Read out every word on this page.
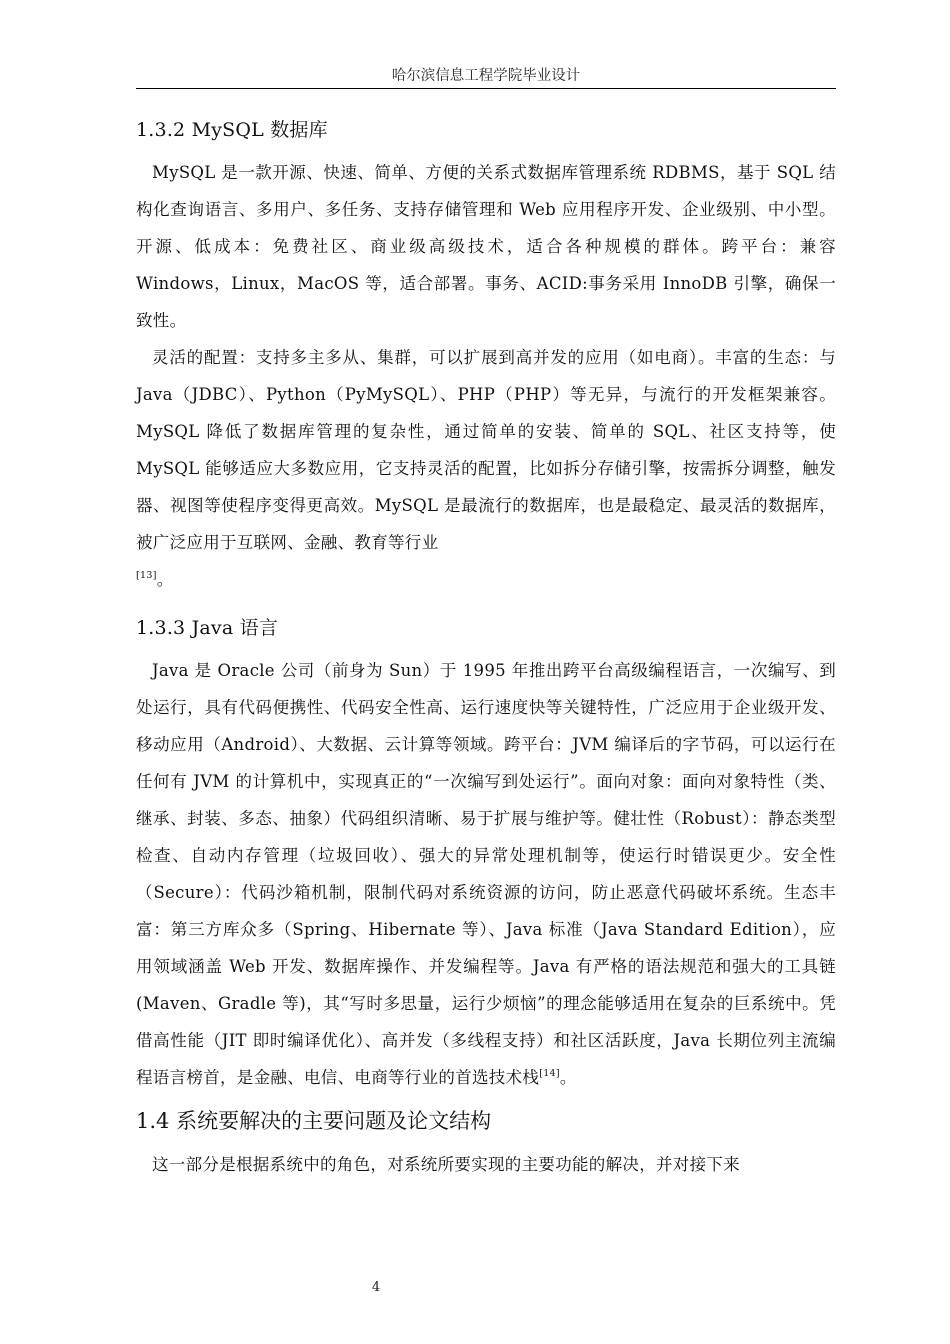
哈尔滨信息工程学院毕业设计
1.3.2 MySQL 数据库

MySQL 是一款开源、快速、简单、方便的关系式数据库管理系统 RDBMS，基于 SQL 结构化查询语言、多用户、多任务、支持存储管理和 Web 应用程序开发、企业级别、中小型。开源、低成本：免费社区、商业级高级技术，适合各种规模的群体。跨平台：兼容 Windows，Linux，MacOS 等，适合部署。事务、ACID:事务采用 InnoDB 引擎，确保一致性。

灵活的配置：支持多主多从、集群，可以扩展到高并发的应用（如电商）。丰富的生态：与 Java（JDBC）、Python（PyMySQL）、PHP（PHP）等无异，与流行的开发框架兼容。MySQL 降低了数据库管理的复杂性，通过简单的安装、简单的 SQL、社区支持等，使 MySQL 能够适应大多数应用，它支持灵活的配置，比如拆分存储引擎，按需拆分调整，触发器、视图等使程序变得更高效。MySQL 是最流行的数据库，也是最稳定、最灵活的数据库，被广泛应用于互联网、金融、教育等行业
[13]。

1.3.3 Java 语言

Java 是 Oracle 公司（前身为 Sun）于 1995 年推出跨平台高级编程语言，一次编写、到处运行，具有代码便携性、代码安全性高、运行速度快等关键特性，广泛应用于企业级开发、移动应用（Android）、大数据、云计算等领域。跨平台：JVM 编译后的字节码，可以运行在任何有 JVM 的计算机中，实现真正的“一次编写到处运行”。面向对象：面向对象特性（类、继承、封装、多态、抽象）代码组织清晰、易于扩展与维护等。健壮性（Robust）：静态类型检查、自动内存管理（垃圾回收）、强大的异常处理机制等，使运行时错误更少。安全性（Secure）：代码沙箱机制，限制代码对系统资源的访问，防止恶意代码破坏系统。生态丰富：第三方库众多（Spring、Hibernate 等）、Java 标准（Java Standard Edition），应用领域涵盖 Web 开发、数据库操作、并发编程等。Java 有严格的语法规范和强大的工具链(Maven、Gradle 等)，其“写时多思量，运行少烦恼”的理念能够适用在复杂的巨系统中。凭借高性能（JIT 即时编译优化）、高并发（多线程支持）和社区活跃度，Java 长期位列主流编程语言榜首，是金融、电信、电商等行业的首选技术栈[14]。

1.4 系统要解决的主要问题及论文结构

这一部分是根据系统中的角色，对系统所要实现的主要功能的解决，并对接下来

4
